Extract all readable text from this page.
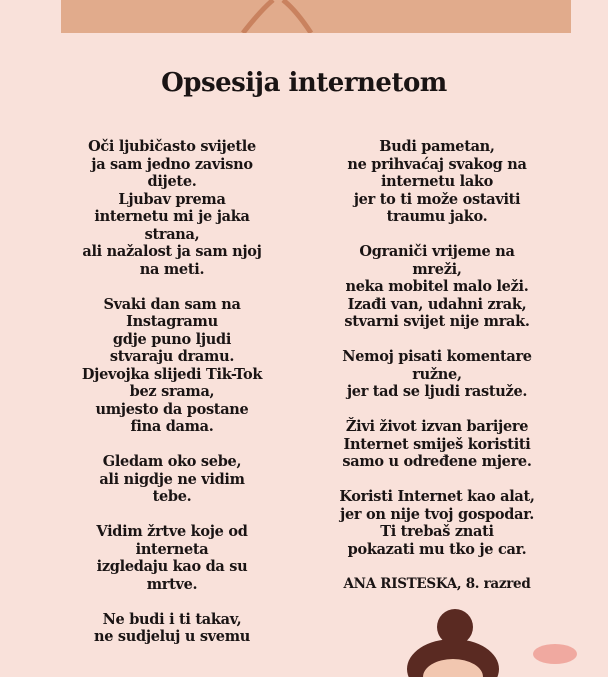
Opsesija internetom
Oči ljubičasto svijetle
ja sam jedno zavisno
dijete.
Ljubav prema
internetu mi je jaka
strana,
ali nažalost ja sam njoj
na meti.
Svaki dan sam na
Instagramu
gdje puno ljudi
stvaraju dramu.
Djevojka slijedi Tik-Tok
bez srama,
umjesto da postane
fina dama.
Gledam oko sebe,
ali nigdje ne vidim
tebe.
Vidim žrtve koje od
interneta
izgledaju kao da su
mrtve.
Ne budi i ti takav,
ne sudjeluj u svemu
Budi pametan,
ne prihvaćaj svakog na
internetu lako
jer to ti može ostaviti
traumu jako.
Ograniči vrijeme na
mreži,
neka mobitel malo leži.
Izađi van, udahni zrak,
stvarni svijet nije mrak.
Nemoj pisati komentare
ružne,
jer tad se ljudi rastuže.
Živi život izvan barijere
Internet smiješ koristiti
samo u određene mjere.
Koristi Internet kao alat,
jer on nije tvoj gospodar.
Ti trebaš znati
pokazati mu tko je car.
ANA RISTESKA, 8. razred
